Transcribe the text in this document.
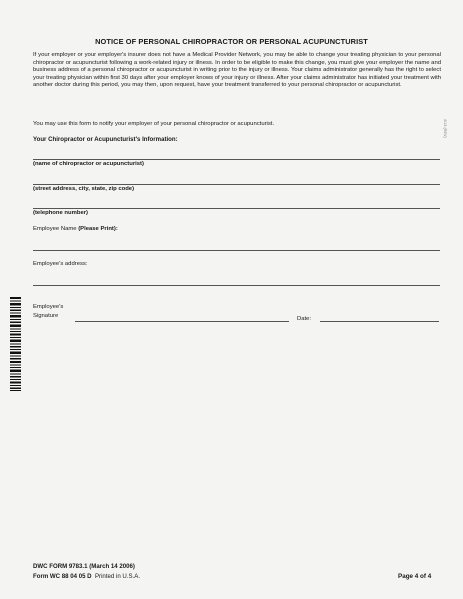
NOTICE OF PERSONAL CHIROPRACTOR OR PERSONAL ACUPUNCTURIST
If your employer or your employer's insurer does not have a Medical Provider Network, you may be able to change your treating physician to your personal chiropractor or acupuncturist following a work-related injury or illness. In order to be eligible to make this change, you must give your employer the name and business address of a personal chiropractor or acupuncturist in writing prior to the injury or illness. Your claims administrator generally has the right to select your treating physician within first 30 days after your employer knows of your injury or illness. After your claims administrator has initiated your treatment with another doctor during this period, you may then, upon request, have your treatment transferred to your personal chiropractor or acupuncturist.
You may use this form to notify your employer of your personal chiropractor or acupuncturist.
Your Chiropractor or Acupuncturist's Information:
(name of chiropractor or acupuncturist)
(street address, city, state, zip code)
(telephone number)
Employee Name (Please Print):
Employee's address:
Employee's
Signature	Date:
4/13 (REV)
DWC FORM 9783.1 (March 14 2006)
Form WC 88 04 05 D Printed in U.S.A.	Page 4 of 4
